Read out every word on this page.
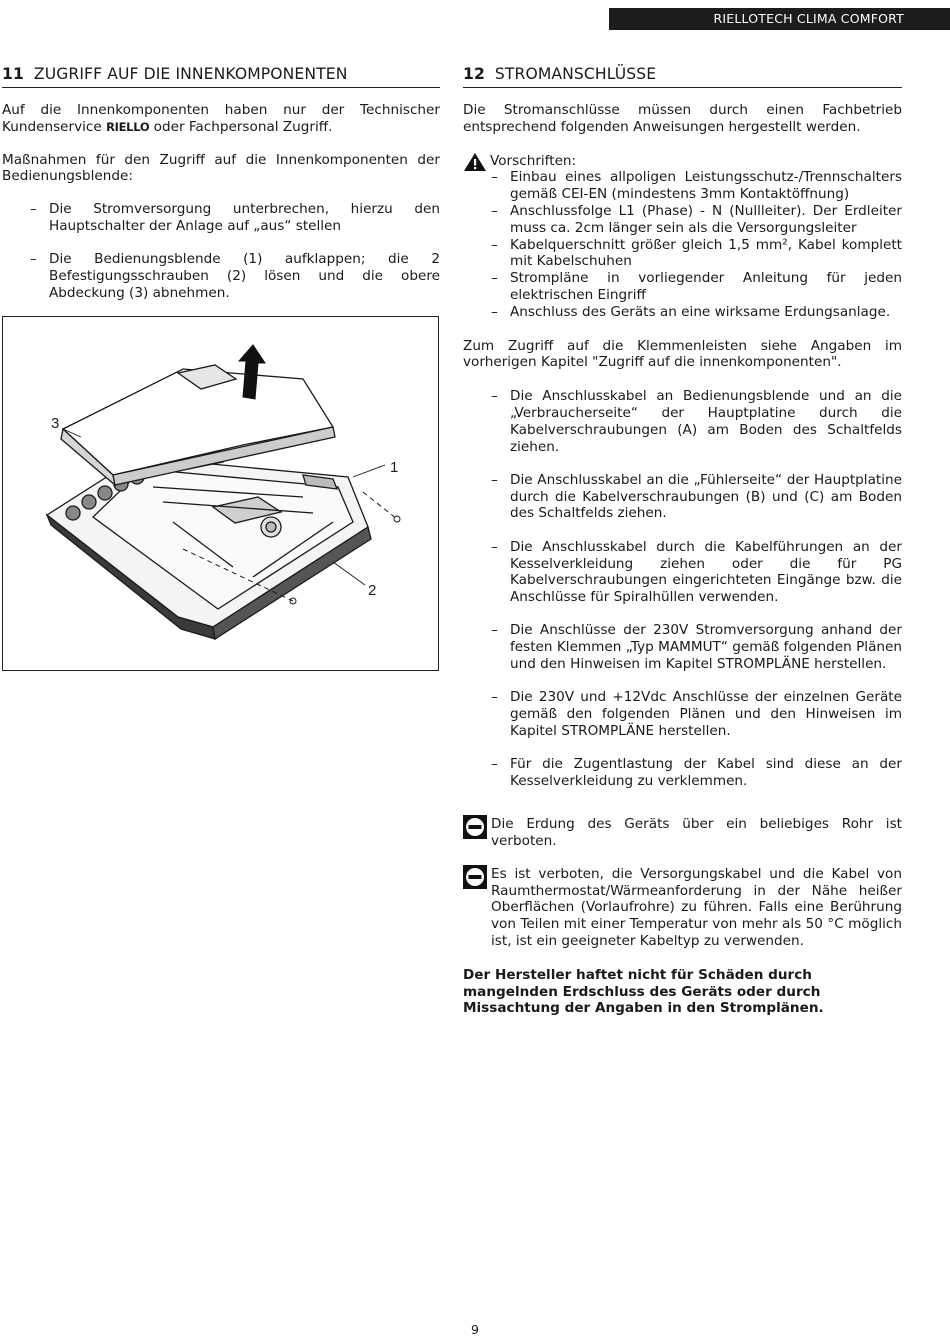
RIELLOTECH CLIMA COMFORT
11 ZUGRIFF AUF DIE INNENKOMPONENTEN

Auf die Innenkomponenten haben nur der Technischer Kundenservice RIELLO oder Fachpersonal Zugriff.

Maßnahmen für den Zugriff auf die Innenkomponenten der Bedienungsblende:

– Die Stromversorgung unterbrechen, hierzu den Hauptschalter der Anlage auf „aus“ stellen
– Die Bedienungsblende (1) aufklappen; die 2 Befestigungsschrauben (2) lösen und die obere Abdeckung (3) abnehmen.
3
1
2
12 STROMANSCHLÜSSE

Die Stromanschlüsse müssen durch einen Fachbetrieb entsprechend folgenden Anweisungen hergestellt werden.

Vorschriften:
– Einbau eines allpoligen Leistungsschutz-/Trennschalters gemäß CEI-EN (mindestens 3mm Kontaktöffnung)
– Anschlussfolge L1 (Phase) - N (Nullleiter). Der Erdleiter muss ca. 2cm länger sein als die Versorgungsleiter
– Kabelquerschnitt größer gleich 1,5 mm², Kabel komplett mit Kabelschuhen
– Strompläne in vorliegender Anleitung für jeden elektrischen Eingriff
– Anschluss des Geräts an eine wirksame Erdungsanlage.

Zum Zugriff auf die Klemmenleisten siehe Angaben im vorherigen Kapitel "Zugriff auf die innenkomponenten".

– Die Anschlusskabel an Bedienungsblende und an die „Verbraucherseite“ der Hauptplatine durch die Kabelverschraubungen (A) am Boden des Schaltfelds ziehen.
– Die Anschlusskabel an die „Fühlerseite“ der Hauptplatine durch die Kabelverschraubungen (B) und (C) am Boden des Schaltfelds ziehen.
– Die Anschlusskabel durch die Kabelführungen an der Kesselverkleidung ziehen oder die für PG Kabelverschraubungen eingerichteten Eingänge bzw. die Anschlüsse für Spiralhüllen verwenden.
– Die Anschlüsse der 230V Stromversorgung anhand der festen Klemmen „Typ MAMMUT“ gemäß folgenden Plänen und den Hinweisen im Kapitel STROMPLÄNE herstellen.
– Die 230V und +12Vdc Anschlüsse der einzelnen Geräte gemäß den folgenden Plänen und den Hinweisen im Kapitel STROMPLÄNE herstellen.
– Für die Zugentlastung der Kabel sind diese an der Kesselverkleidung zu verklemmen.

Die Erdung des Geräts über ein beliebiges Rohr ist verboten.

Es ist verboten, die Versorgungskabel und die Kabel von Raumthermostat/Wärmeanforderung in der Nähe heißer Oberflächen (Vorlaufrohre) zu führen. Falls eine Berührung von Teilen mit einer Temperatur von mehr als 50 °C möglich ist, ist ein geeigneter Kabeltyp zu verwenden.

Der Hersteller haftet nicht für Schäden durch mangelnden Erdschluss des Geräts oder durch Missachtung der Angaben in den Stromplänen.

9
